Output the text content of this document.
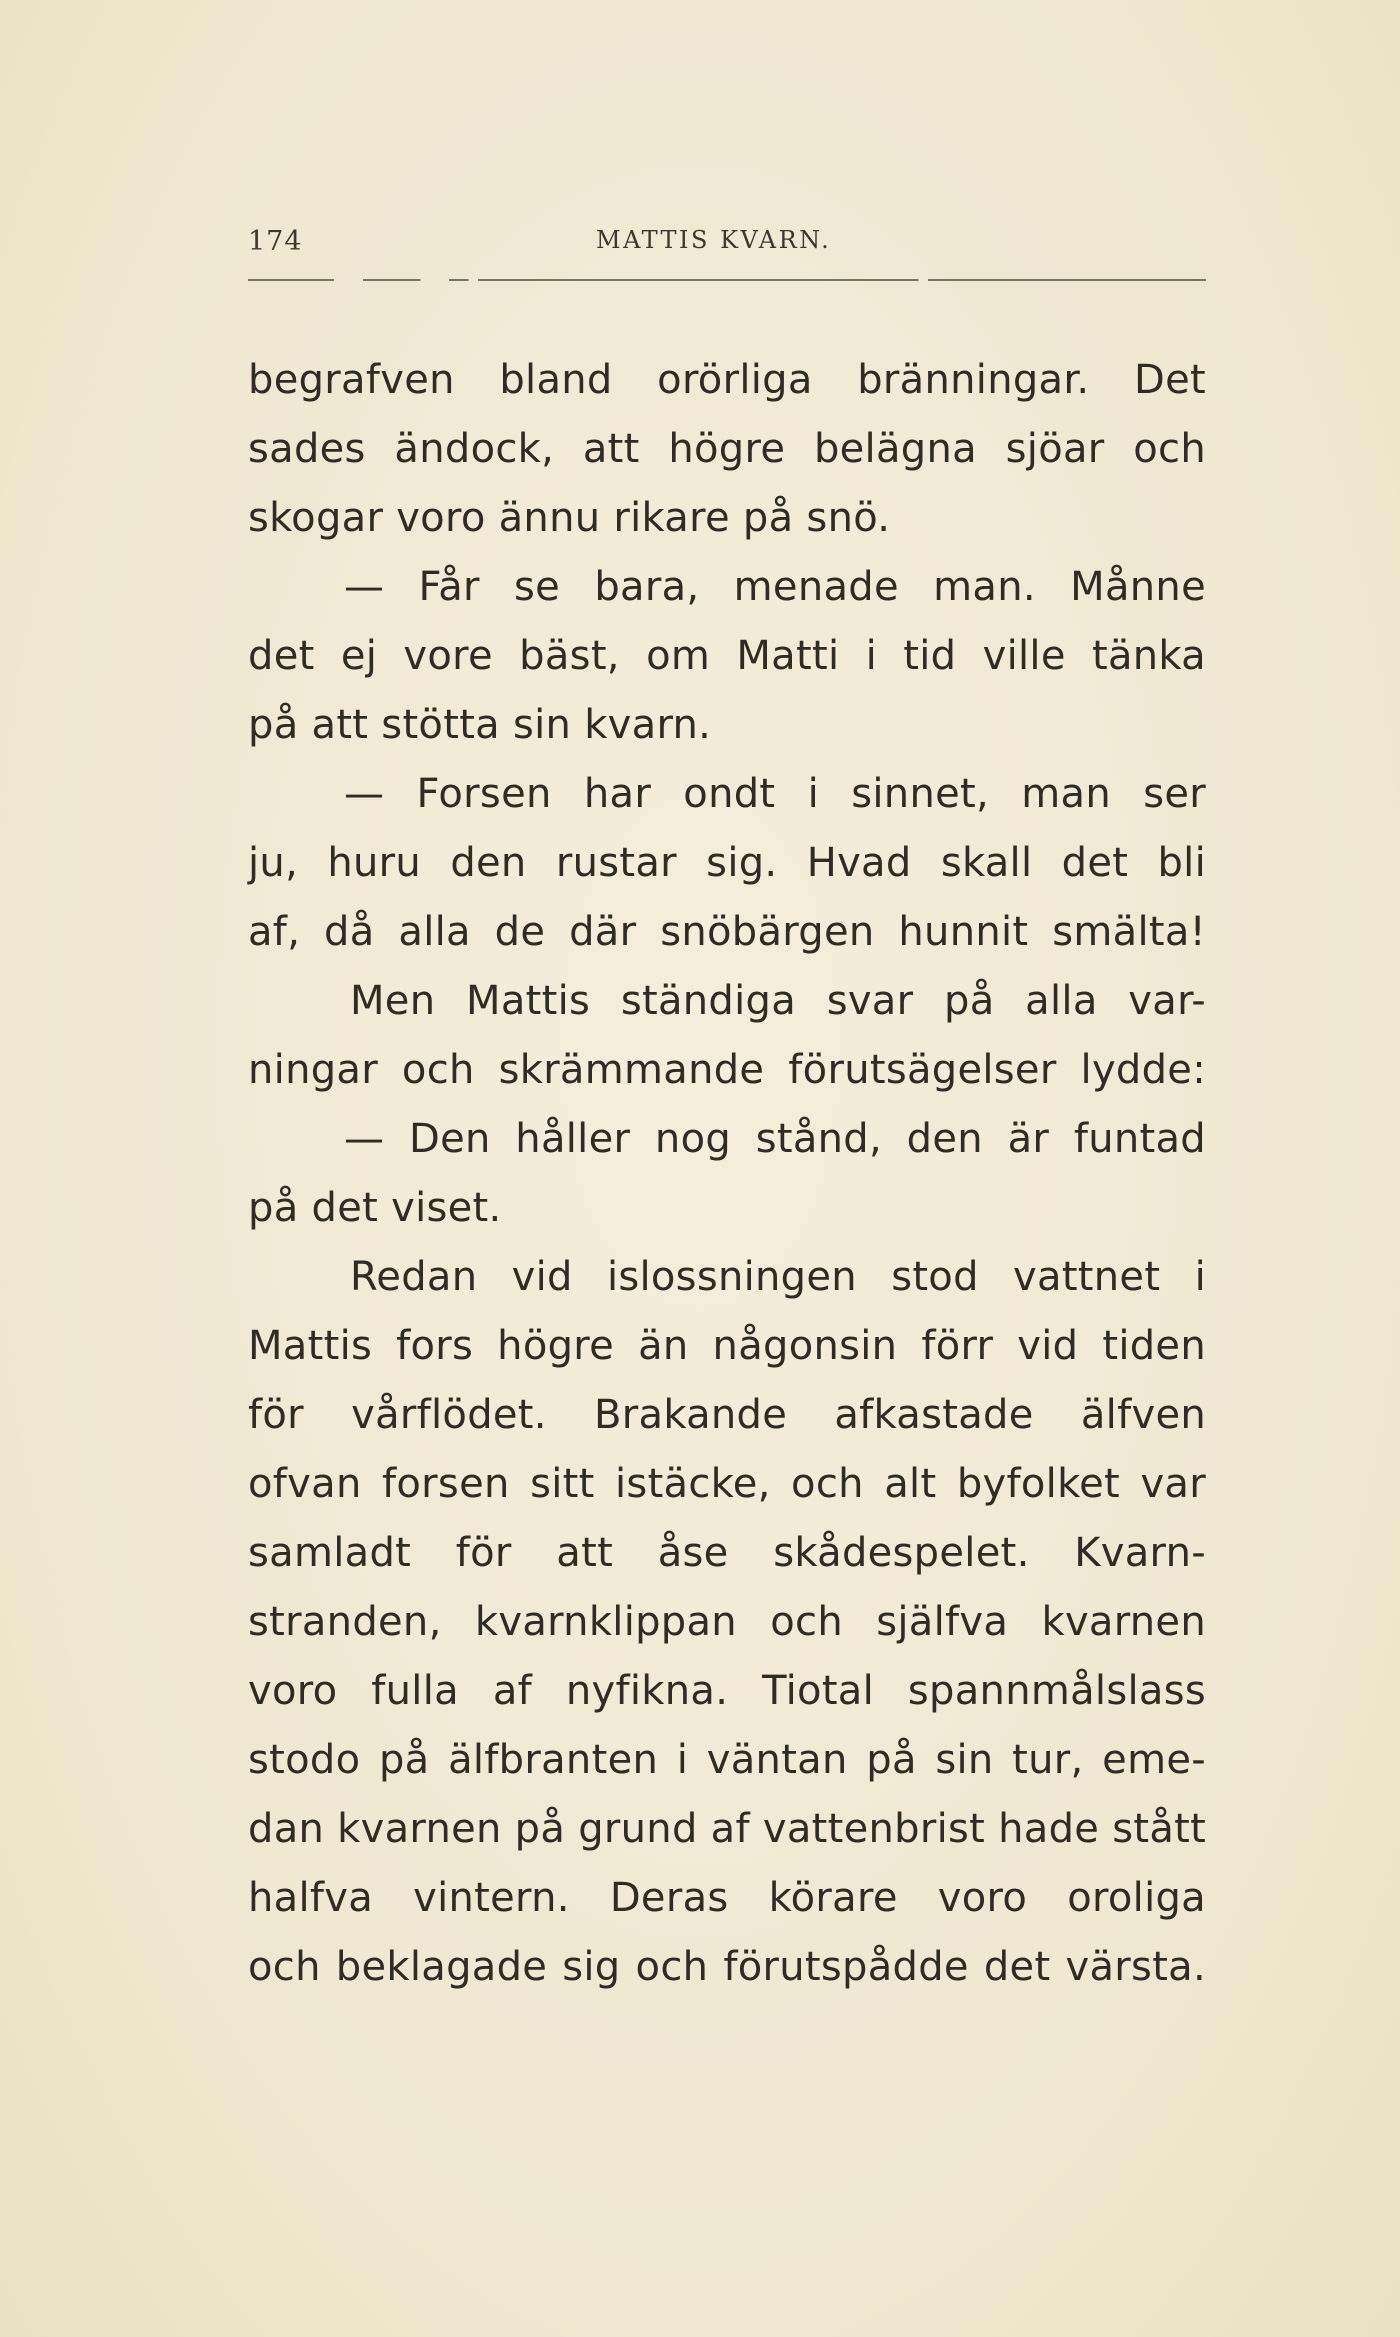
174	MATTIS KVARN.
begrafven bland orörliga bränningar. Det
sades ändock, att högre belägna sjöar och
skogar voro ännu rikare på snö.
— Får se bara, menade man. Månne
det ej vore bäst, om Matti i tid ville tänka
på att stötta sin kvarn.
— Forsen har ondt i sinnet, man ser
ju, huru den rustar sig. Hvad skall det bli
af, då alla de där snöbärgen hunnit smälta!
Men Mattis ständiga svar på alla var-
ningar och skrämmande förutsägelser lydde:
— Den håller nog stånd, den är funtad
på det viset.
Redan vid islossningen stod vattnet i
Mattis fors högre än någonsin förr vid tiden
för vårflödet. Brakande afkastade älfven
ofvan forsen sitt istäcke, och alt byfolket var
samladt för att åse skådespelet. Kvarn-
stranden, kvarnklippan och själfva kvarnen
voro fulla af nyfikna. Tiotal spannmålslass
stodo på älfbranten i väntan på sin tur, eme-
dan kvarnen på grund af vattenbrist hade stått
halfva vintern. Deras körare voro oroliga
och beklagade sig och förutspådde det värsta.
